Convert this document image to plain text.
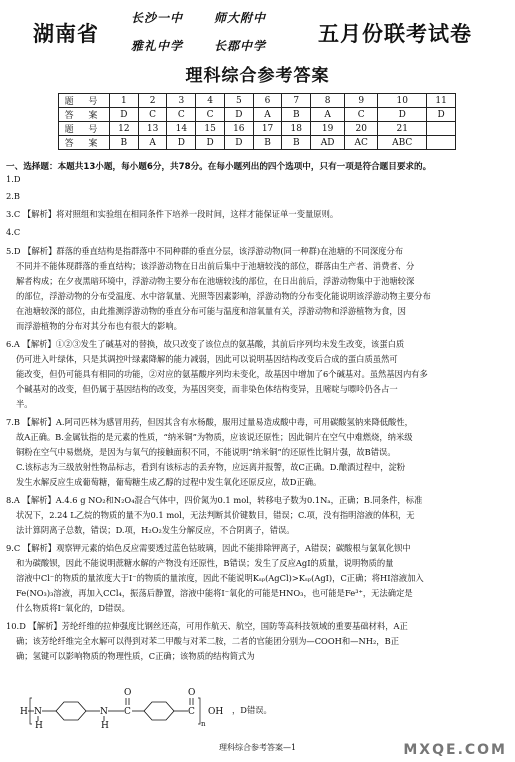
湖南省
长沙一中	师大附中
雅礼中学	长郡中学 五月份联考试卷
理科综合参考答案
题 号	1	2	3	4	5	6	7	8	9	10	11
答 案	D	C	C	C	D	A	B	A	C	D	D
题 号	12	13	14	15	16	17	18	19	20	21	
答 案	B	A	D	D	D	B	B	AD	AC	ABC	
一、选择题：本题共13小题，每小题6分，共78分。在每小题列出的四个选项中，只有一项是符合题目要求的。
1.D
2.B
3.C 【解析】将对照组和实验组在相同条件下培养一段时间，这样才能保证单一变量原则。
4.C
5.D 【解析】群落的垂直结构是指群落中不同种群的垂直分层，该浮游动物(同一种群)在池塘的不同深度分布
不同并不能体现群落的垂直结构；该浮游动物在日出前后集中于池塘较浅的部位，群落由生产者、消费者、分
解者构成；在夕夜黑暗环境中，浮游动物主要分布在池塘较浅的部位，在日出前后，浮游动物集中于池塘较深
的部位，浮游动物的分布受温度、水中溶氧量、光照等因素影响，浮游动物的分布变化能说明该浮游动物主要分布
在池塘较深的部位，由此推测浮游动物的垂直分布可能与温度和溶氧量有关，浮游动物和浮游植物为食，因
而浮游植物的分布对其分布也有很大的影响。
6.A 【解析】①②③发生了碱基对的替换，故只改变了该位点的氨基酸，其前后序列均未发生改变，该蛋白质
仍可进入叶绿体，只是其调控叶绿素降解的能力减弱，因此可以说明基因结构改变后合成的蛋白质虽然可
能改变，但仍可能具有相同的功能，②对应的氨基酸序列均未变化，故基因中增加了6个碱基对。虽然基因内有多
个碱基对的改变，但仍属于基因结构的改变，为基因突变，而非染色体结构变异，且嘧啶与嘌呤仍各占一
半。
7.B 【解析】A.阿司匹林为感冒用药，但因其含有水杨酸，服用过量易造成酸中毒，可用碳酸氢钠来降低酸性，
故A正确。B.金属钛指的是元素的性质，“纳米铜”为物质，应该说还原性；因此铜片在空气中难燃烧，纳米级
铜粉在空气中易燃烧，是因为与氧气的接触面积不同，不能说明“纳米铜”的还原性比铜片强，故B错误。
C.该标志为三级放射性物品标志，看到有该标志的丢弃物，应远离并报警，故C正确。D.酿酒过程中，淀粉
发生水解反应生成葡萄糖，葡萄糖生成乙醇的过程中发生氧化还原反应，故D正确。
8.A 【解析】A.4.6 g NO₂和N₂O₄混合气体中，四价氮为0.1 mol，转移电子数为0.1Nₐ，正确；B.同条件，标准
状况下，2.24 L乙烷的物质的量不为0.1 mol，无法判断其价键数目，错误；C.项，没有指明溶液的体积，无
法计算阴离子总数，错误；D.项，H₂O₂发生分解反应，不合阴离子，错误。
9.C 【解析】观察钾元素的焰色反应需要透过蓝色钴玻璃，因此不能排除钾离子，A错误；碳酸根与氯氧化钡中
和为碳酸钡，因此不能说明蔗糖水解的产物没有还原性，B错误；发生了反应AgI的质量，说明物质的量
溶液中Cl⁻的物质的量浓度大于I⁻的物质的量浓度，因此不能说明Kₛₚ(AgCl)>Kₛₚ(AgI)，C正确；将HI溶液加入
Fe(NO₃)₃溶液，再加入CCl₄，振荡后静置，溶液中能将I⁻氧化的可能是HNO₃，也可能是Fe³⁺，无法确定是
什么物质将I⁻氧化的，D错误。
10.D 【解析】芳纶纤维的拉伸强度比钢丝还高，可用作航天、航空，国防等高科技领域的重要基础材料，A正
确；该芳纶纤维完全水解可以得到对苯二甲酸与对苯二胺，二者的官能团分别为—COOH和—NH₂，B正
确；氢键可以影响物质的物理性质，C正确；该物质的结构简式为
H N
H
N
H
C
O
C
O
n
OH ，D错误。
理科综合参考答案—1	MXQE.COM
